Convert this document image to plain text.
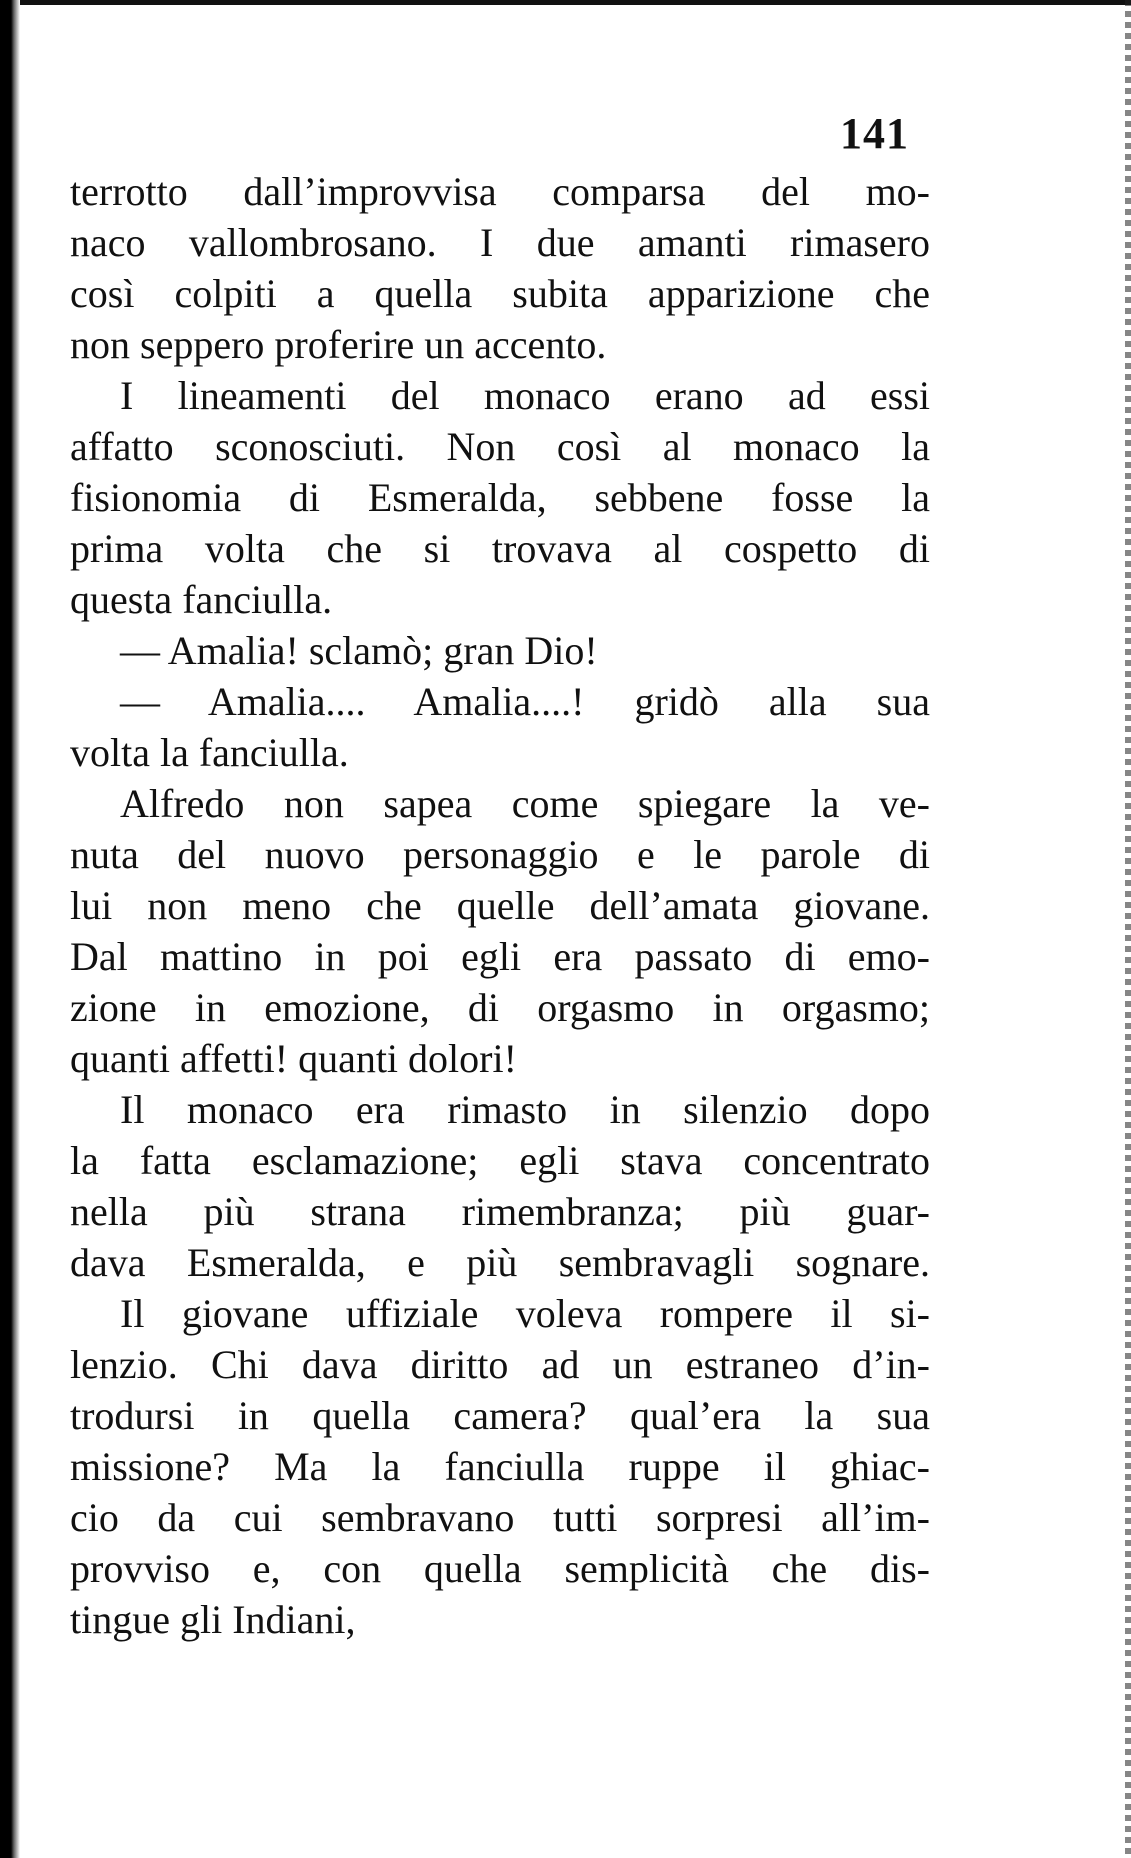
141
terrotto dall’improvvisa comparsa del mo-
naco vallombrosano. I due amanti rimasero
così colpiti a quella subita apparizione che
non seppero proferire un accento.
I lineamenti del monaco erano ad essi
affatto sconosciuti. Non così al monaco la
fisionomia di Esmeralda, sebbene fosse la
prima volta che si trovava al cospetto di
questa fanciulla.
— Amalia! sclamò; gran Dio!
— Amalia.... Amalia....! gridò alla sua
volta la fanciulla.
Alfredo non sapea come spiegare la ve-
nuta del nuovo personaggio e le parole di
lui non meno che quelle dell’amata giovane.
Dal mattino in poi egli era passato di emo-
zione in emozione, di orgasmo in orgasmo;
quanti affetti! quanti dolori!
Il monaco era rimasto in silenzio dopo
la fatta esclamazione; egli stava concentrato
nella più strana rimembranza; più guar-
dava Esmeralda, e più sembravagli sognare.
Il giovane uffiziale voleva rompere il si-
lenzio. Chi dava diritto ad un estraneo d’in-
trodursi in quella camera? qual’era la sua
missione? Ma la fanciulla ruppe il ghiac-
cio da cui sembravano tutti sorpresi all’im-
provviso e, con quella semplicità che dis-
tingue gli Indiani,
